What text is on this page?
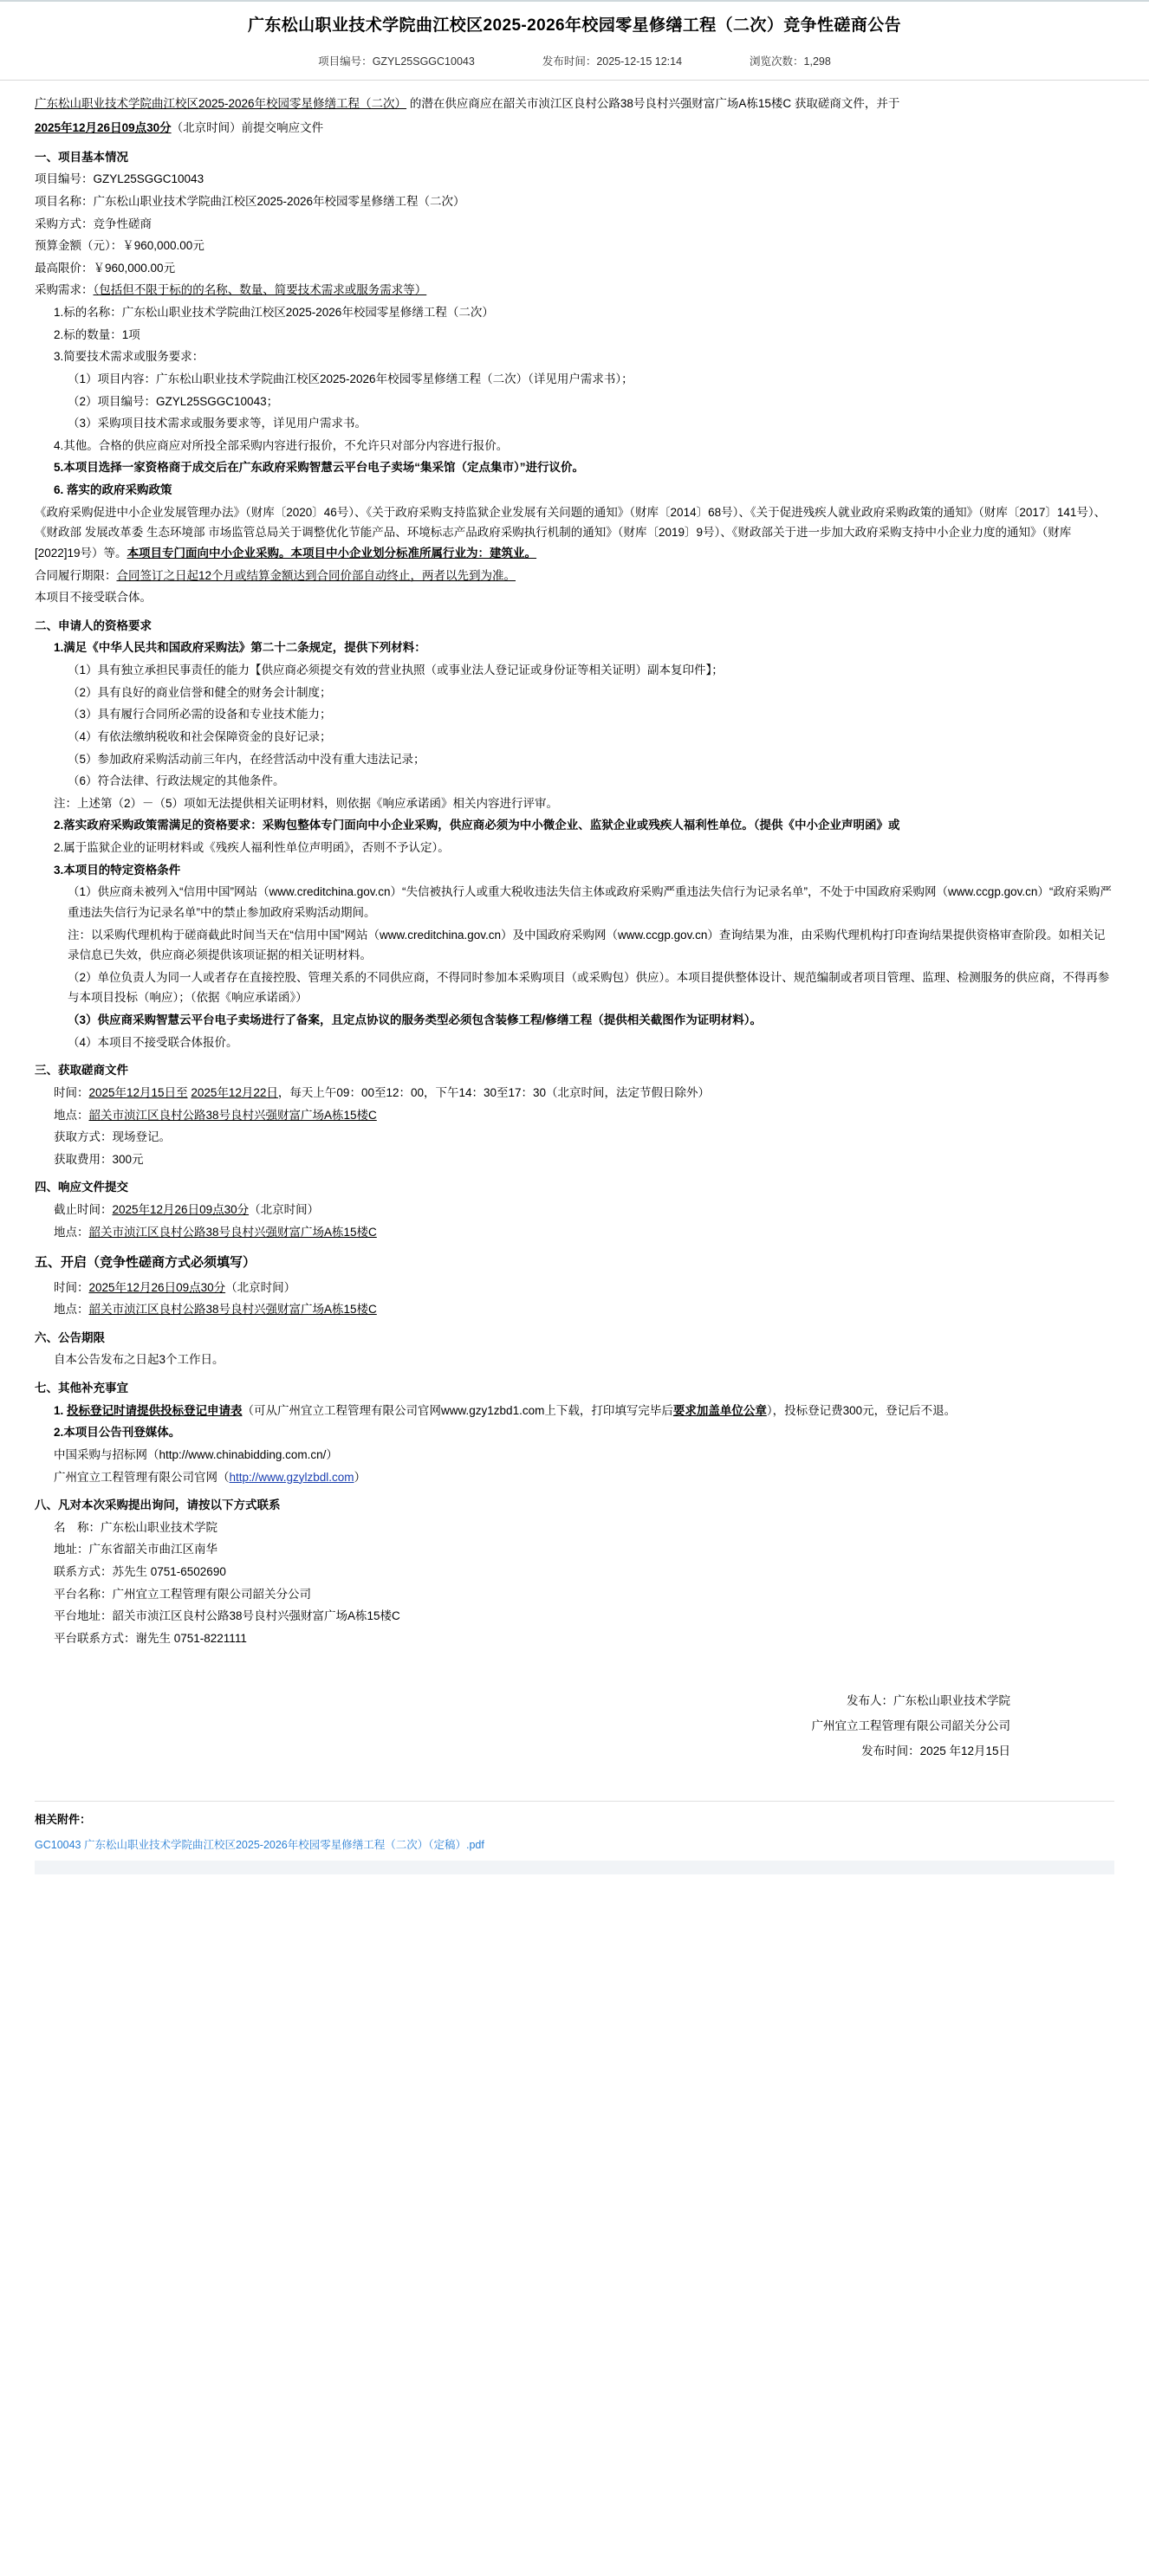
广东松山职业技术学院曲江校区2025-2026年校园零星修缮工程（二次）竞争性磋商公告
项目编号：GZYL25SGGC10043	发布时间：2025-12-15 12:14	浏览次数：1,298

广东松山职业技术学院曲江校区2025-2026年校园零星修缮工程（二次） 的潜在供应商应在韶关市浈江区良村公路38号良村兴强财富广场A栋15楼C 获取磋商文件，并于

2025年12月26日09点30分（北京时间）前提交响应文件

一、项目基本情况

项目编号：GZYL25SGGC10043

项目名称：广东松山职业技术学院曲江校区2025-2026年校园零星修缮工程（二次）

采购方式：竞争性磋商

预算金额（元）：￥960,000.00元

最高限价：￥960,000.00元

采购需求：（包括但不限于标的的名称、数量、简要技术需求或服务需求等）

1.标的名称：广东松山职业技术学院曲江校区2025-2026年校园零星修缮工程（二次）

2.标的数量：1项

3.简要技术需求或服务要求：

（1）项目内容：广东松山职业技术学院曲江校区2025-2026年校园零星修缮工程（二次）（详见用户需求书）；

（2）项目编号：GZYL25SGGC10043；

（3）采购项目技术需求或服务要求等，详见用户需求书。

4.其他。合格的供应商应对所投全部采购内容进行报价，不允许只对部分内容进行报价。

5.本项目选择一家资格商于成交后在广东政府采购智慧云平台电子卖场“集采馆（定点集市）”进行议价。

6. 落实的政府采购政策

《政府采购促进中小企业发展管理办法》（财库〔2020〕46号）、《关于政府采购支持监狱企业发展有关问题的通知》（财库〔2014〕68号）、《关于促进残疾人就业政府采购政策的通知》（财库〔2017〕141号）、《财政部 发展改革委 生态环境部 市场监管总局关于调整优化节能产品、环境标志产品政府采购执行机制的通知》（财库〔2019〕9号）、《财政部关于进一步加大政府采购支持中小企业力度的通知》（财库[2022]19号）等。本项目专门面向中小企业采购。本项目中小企业划分标准所属行业为：建筑业。

合同履行期限：合同签订之日起12个月或结算金额达到合同价部自动终止，两者以先到为准。

本项目不接受联合体。

二、申请人的资格要求

1.满足《中华人民共和国政府采购法》第二十二条规定，提供下列材料：

（1）具有独立承担民事责任的能力【供应商必须提交有效的营业执照（或事业法人登记证或身份证等相关证明）副本复印件】；

（2）具有良好的商业信誉和健全的财务会计制度；

（3）具有履行合同所必需的设备和专业技术能力；

（4）有依法缴纳税收和社会保障资金的良好记录；

（5）参加政府采购活动前三年内，在经营活动中没有重大违法记录；

（6）符合法律、行政法规定的其他条件。

注：上述第（2）－（5）项如无法提供相关证明材料，则依据《响应承诺函》相关内容进行评审。

2.落实政府采购政策需满足的资格要求：采购包整体专门面向中小企业采购，供应商必须为中小微企业、监狱企业或残疾人福利性单位。（提供《中小企业声明函》或

2.属于监狱企业的证明材料或《残疾人福利性单位声明函》，否则不予认定）。

3.本项目的特定资格条件

（1）供应商未被列入“信用中国”网站（www.creditchina.gov.cn）“失信被执行人或重大税收违法失信主体或政府采购严重违法失信行为记录名单”，不处于中国政府采购网（www.ccgp.gov.cn）“政府采购严重违法失信行为记录名单”中的禁止参加政府采购活动期间。

注：以采购代理机构于磋商截此时间当天在“信用中国”网站（www.creditchina.gov.cn）及中国政府采购网（www.ccgp.gov.cn）查询结果为准，由采购代理机构打印查询结果提供资格审查阶段。如相关记录信息已失效，供应商必须提供该项证据的相关证明材料。

（2）单位负责人为同一人或者存在直接控股、管理关系的不同供应商，不得同时参加本采购项目（或采购包）供应）。本项目提供整体设计、规范编制或者项目管理、监理、检测服务的供应商，不得再参与本项目投标（响应）；（依据《响应承诺函》）

（3）供应商采购智慧云平台电子卖场进行了备案，且定点协议的服务类型必须包含装修工程/修缮工程（提供相关截图作为证明材料）。

（4）本项目不接受联合体报价。

三、获取磋商文件

时间：2025年12月15日至 2025年12月22日，每天上午09：00至12：00，下午14：30至17：30（北京时间，法定节假日除外）

地点：韶关市浈江区良村公路38号良村兴强财富广场A栋15楼C

获取方式：现场登记。

获取费用：300元

四、响应文件提交

截止时间：2025年12月26日09点30分（北京时间）

地点：韶关市浈江区良村公路38号良村兴强财富广场A栋15楼C

五、开启（竞争性磋商方式必须填写）

时间：2025年12月26日09点30分（北京时间）

地点：韶关市浈江区良村公路38号良村兴强财富广场A栋15楼C

六、公告期限

自本公告发布之日起3个工作日。

七、其他补充事宜

1. 投标登记时请提供投标登记申请表（可从广州宜立工程管理有限公司官网www.gzy1zbd1.com上下载，打印填写完毕后要求加盖单位公章），投标登记费300元，登记后不退。

2.本项目公告刊登媒体。

中国采购与招标网（http://www.chinabidding.com.cn/）

广州宜立工程管理有限公司官网（http://www.gzylzbdl.com）

八、凡对本次采购提出询问，请按以下方式联系

名　称：广东松山职业技术学院

地址：广东省韶关市曲江区南华

联系方式：苏先生 0751-6502690

平台名称：广州宜立工程管理有限公司韶关分公司

平台地址：韶关市浈江区良村公路38号良村兴强财富广场A栋15楼C

平台联系方式：谢先生 0751-8221111

发布人：广东松山职业技术学院

广州宜立工程管理有限公司韶关分公司

发布时间：2025 年12月15日

相关附件：
GC10043 广东松山职业技术学院曲江校区2025-2026年校园零星修缮工程（二次）（定稿）.pdf
